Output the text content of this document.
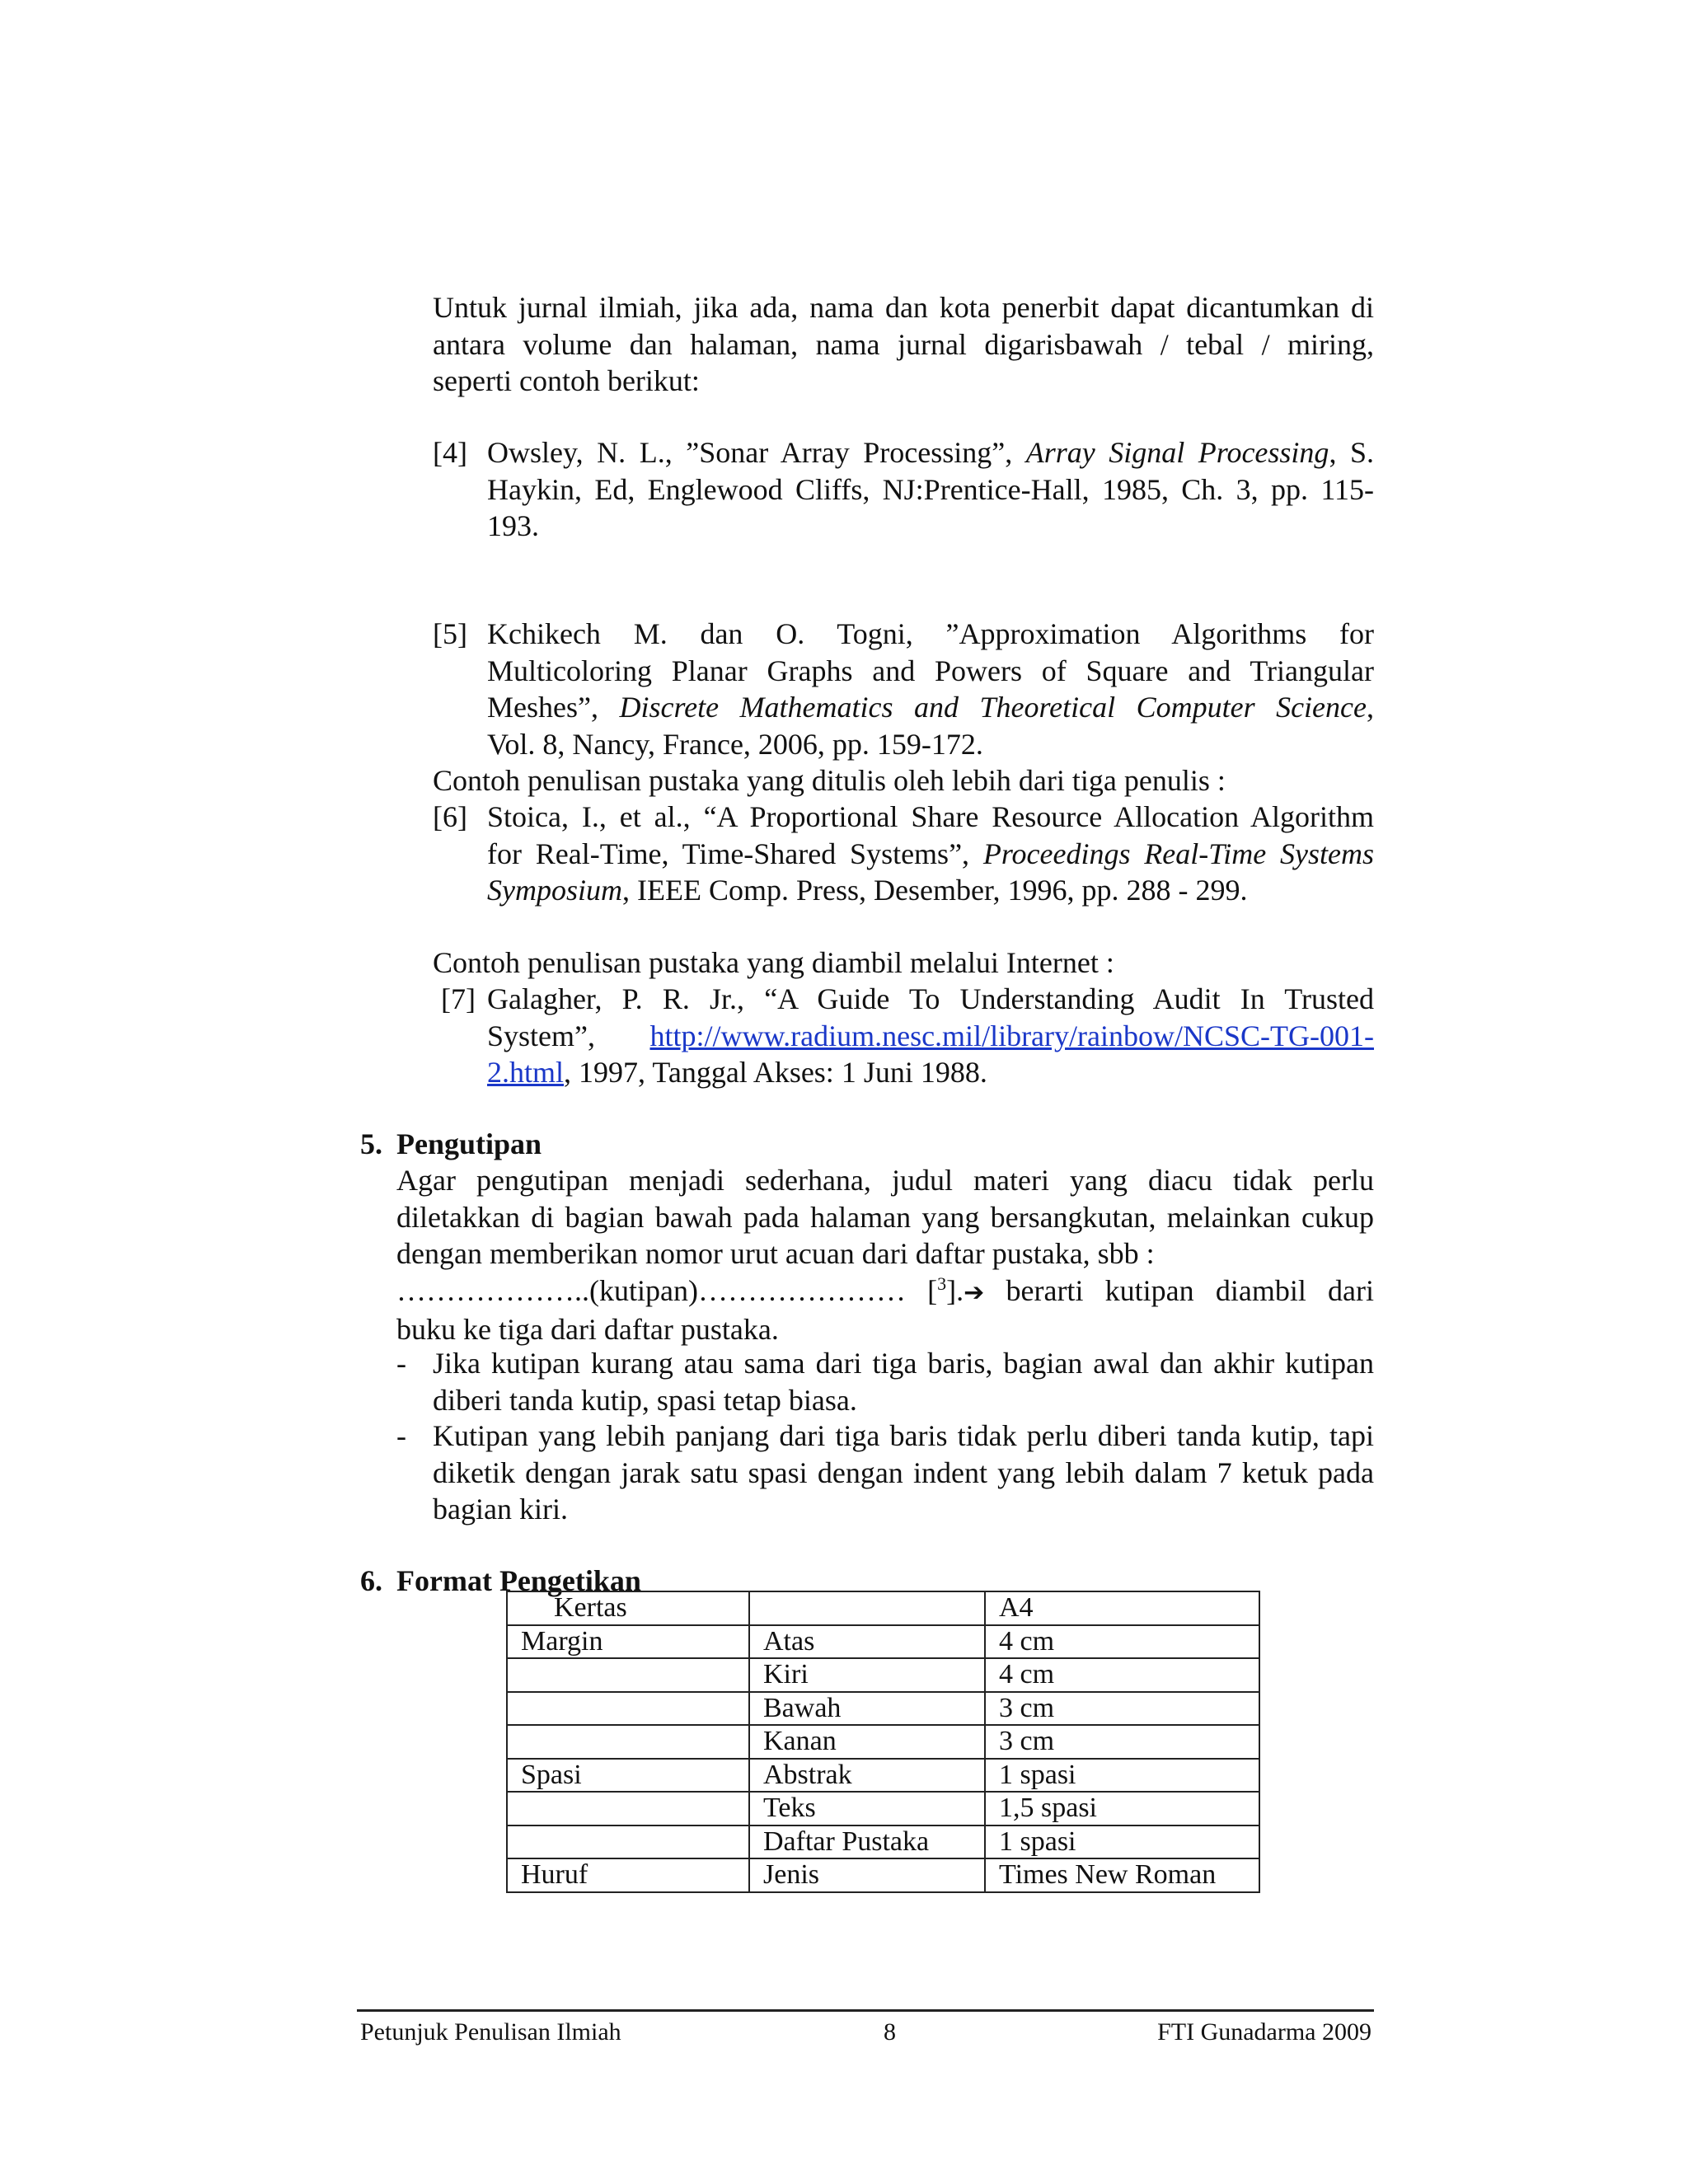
Untuk jurnal ilmiah, jika ada, nama dan kota penerbit dapat dicantumkan di
antara volume dan halaman, nama jurnal digarisbawah / tebal / miring,
seperti contoh berikut:
[4] Owsley, N. L., ”Sonar Array Processing”, Array Signal Processing, S.
Haykin, Ed, Englewood Cliffs, NJ:Prentice-Hall, 1985, Ch. 3, pp. 115-
193.
[5] Kchikech M. dan O. Togni, ”Approximation Algorithms for
Multicoloring Planar Graphs and Powers of Square and Triangular
Meshes”, Discrete Mathematics and Theoretical Computer Science,
Vol. 8, Nancy, France, 2006, pp. 159-172.
Contoh penulisan pustaka yang ditulis oleh lebih dari tiga penulis :
[6] Stoica, I., et al., “A Proportional Share Resource Allocation Algorithm
for Real-Time, Time-Shared Systems”, Proceedings Real-Time Systems
Symposium, IEEE Comp. Press, Desember, 1996, pp. 288 - 299.
Contoh penulisan pustaka yang diambil melalui Internet :
[7] Galagher, P. R. Jr., “A Guide To Understanding Audit In Trusted
System”, http://www.radium.nesc.mil/library/rainbow/NCSC-TG-001-
2.html, 1997, Tanggal Akses: 1 Juni 1988.
5. Pengutipan
Agar pengutipan menjadi sederhana, judul materi yang diacu tidak perlu
diletakkan di bagian bawah pada halaman yang bersangkutan, melainkan cukup
dengan memberikan nomor urut acuan dari daftar pustaka, sbb :
………………..(kutipan)………………… [$^3$].➔ berarti kutipan diambil dari
buku ke tiga dari daftar pustaka.
- Jika kutipan kurang atau sama dari tiga baris, bagian awal dan akhir kutipan
diberi tanda kutip, spasi tetap biasa.
- Kutipan yang lebih panjang dari tiga baris tidak perlu diberi tanda kutip, tapi
diketik dengan jarak satu spasi dengan indent yang lebih dalam 7 ketuk pada
bagian kiri.
6. Format Pengetikan
Kertas		A4
Margin	Atas	4 cm
	Kiri	4 cm
	Bawah	3 cm
	Kanan	3 cm
Spasi	Abstrak	1 spasi
	Teks	1,5 spasi
	Daftar Pustaka	1 spasi
Huruf	Jenis	Times New Roman
Petunjuk Penulisan Ilmiah	8	FTI Gunadarma 2009
